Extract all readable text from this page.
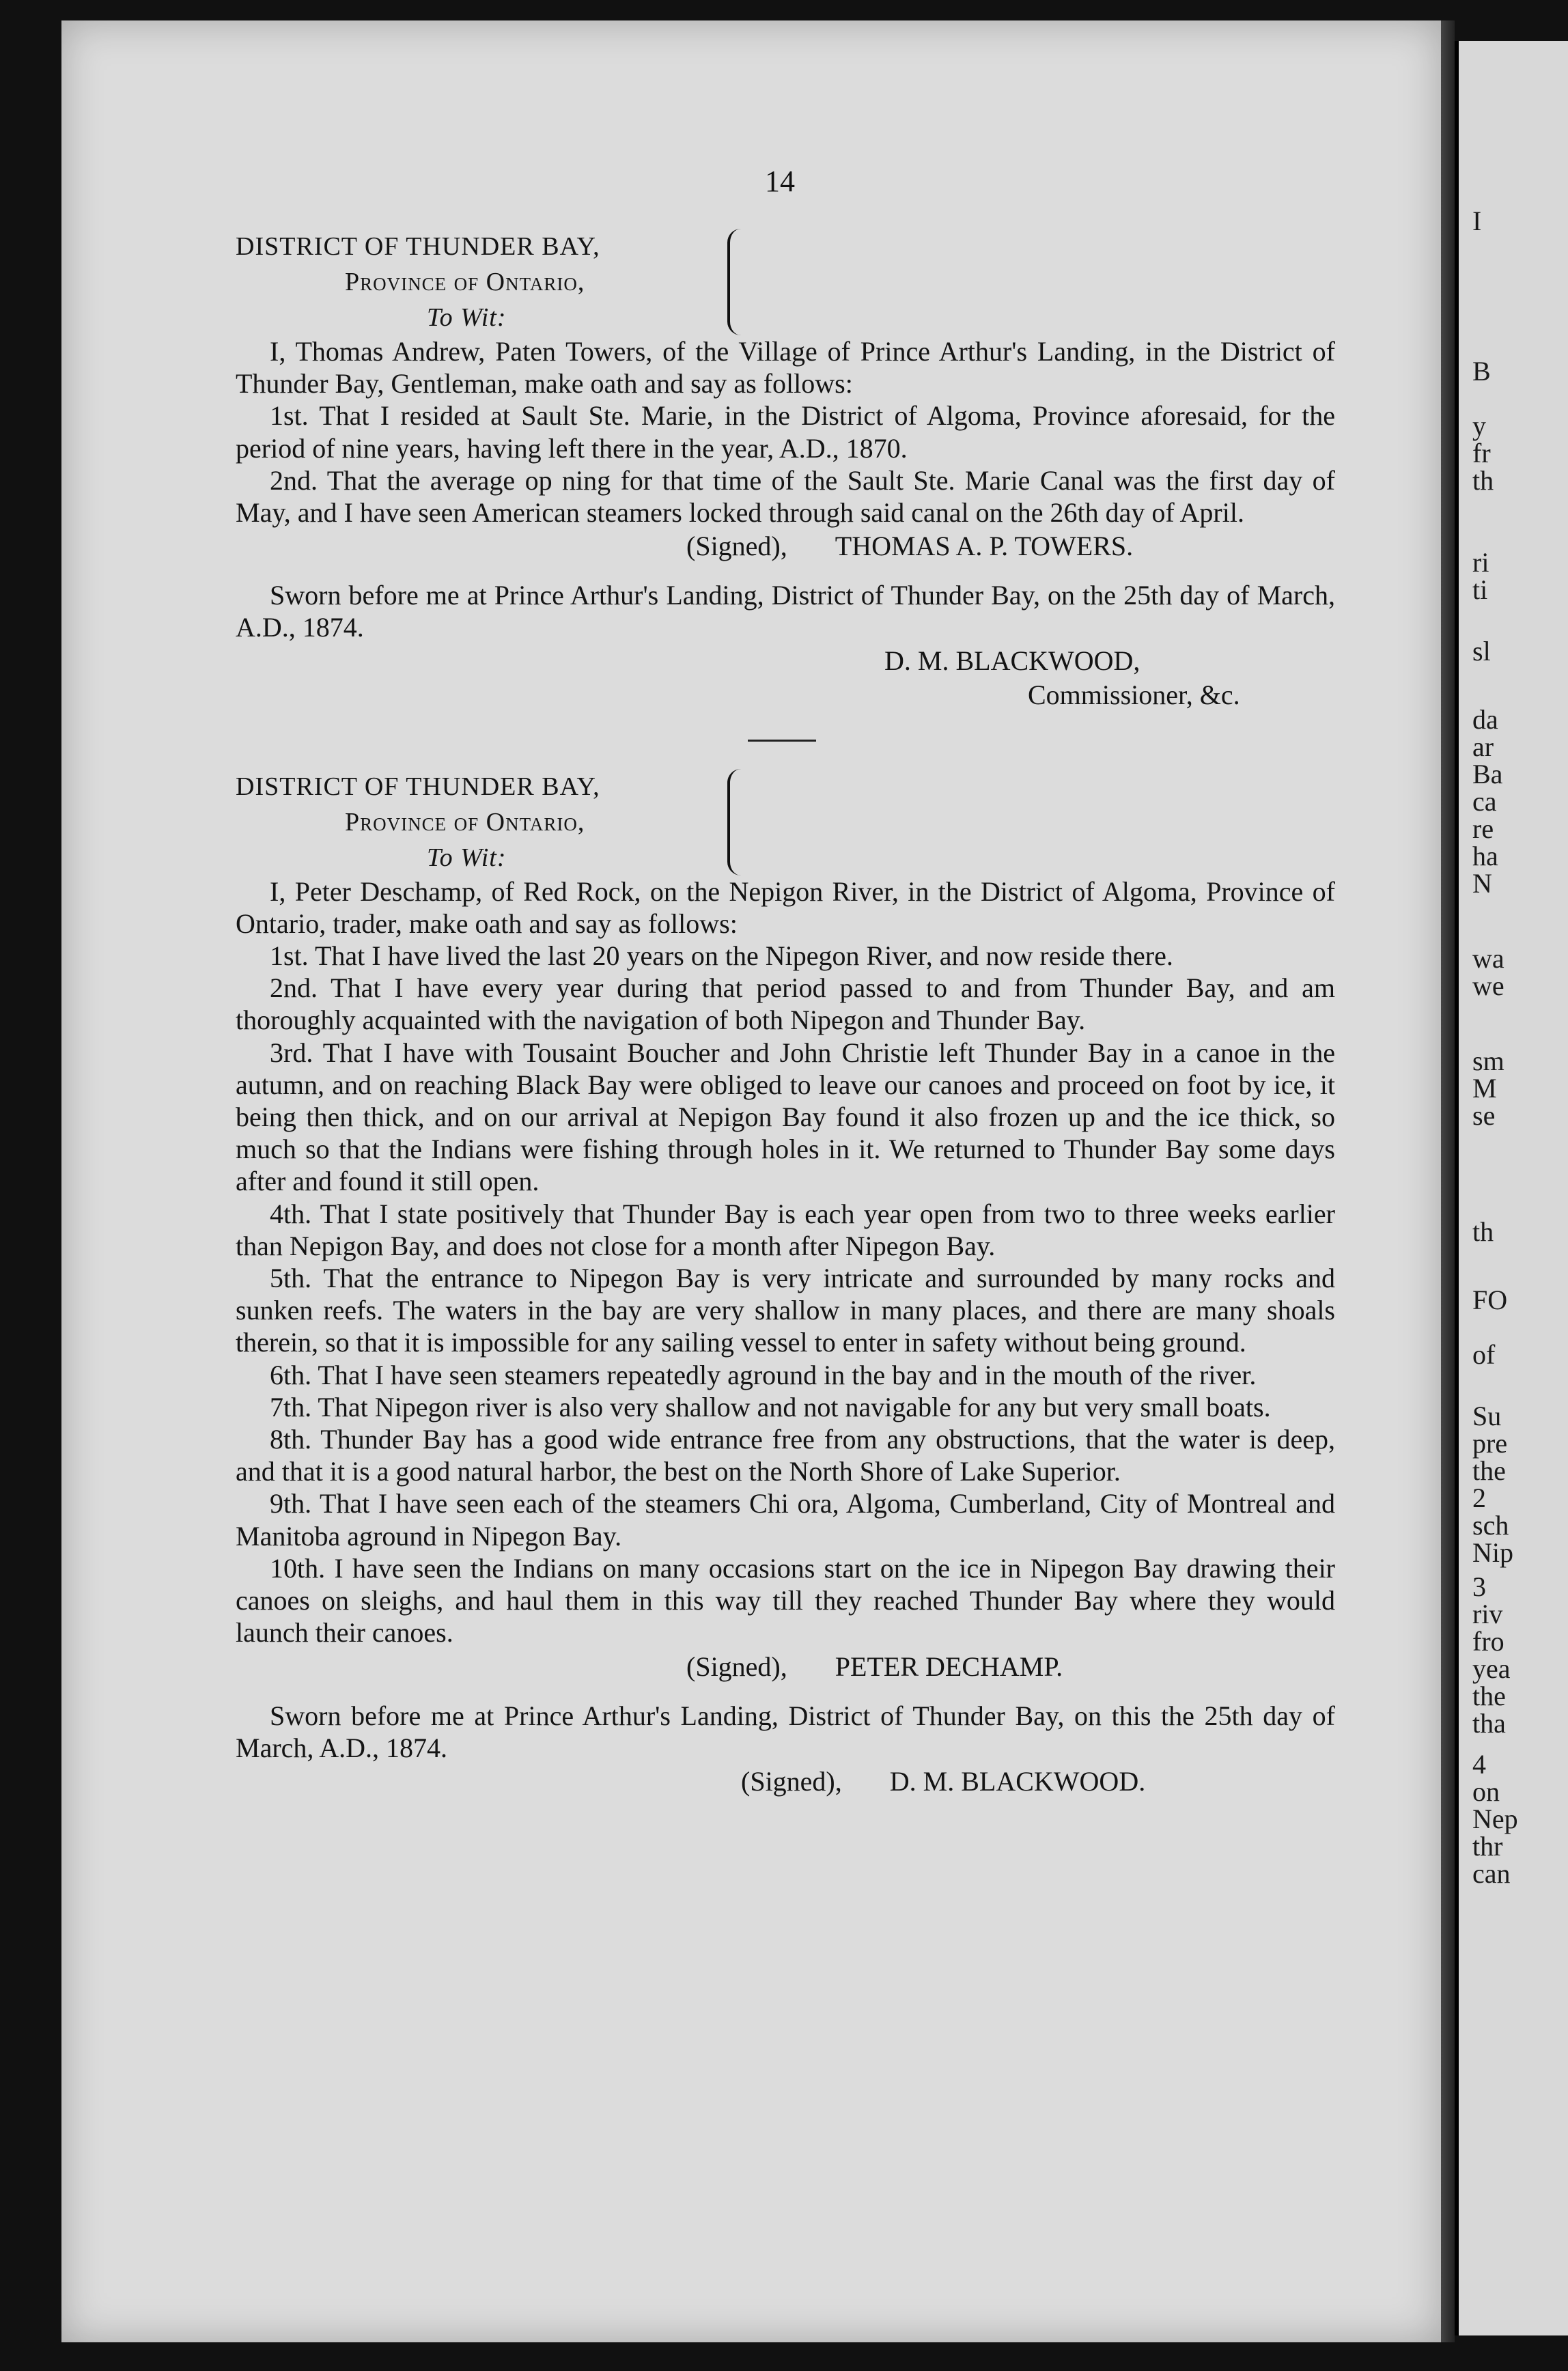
I
B
y
fr
th
ri
ti
sl
da
ar
Ba
ca
re
ha
N
wa
we
sm
M
se
th
FO
of
Su
pre
the
2
sch
Nip
3
riv
fro
yea
the
tha
4
on
Nep
thr
can
14
DISTRICT OF THUNDER BAY,
Province of Ontario,
To Wit:

I, Thomas Andrew, Paten Towers, of the Village of Prince Arthur's Landing, in the District of Thunder Bay, Gentleman, make oath and say as follows:

1st. That I resided at Sault Ste. Marie, in the District of Algoma, Province aforesaid, for the period of nine years, having left there in the year, A.D., 1870.

2nd. That the average op ning for that time of the Sault Ste. Marie Canal was the first day of May, and I have seen American steamers locked through said canal on the 26th day of April.

(Signed), THOMAS A. P. TOWERS.

Sworn before me at Prince Arthur's Landing, District of Thunder Bay, on the 25th day of March, A.D., 1874.

D. M. BLACKWOOD,
Commissioner, &c.
DISTRICT OF THUNDER BAY,
Province of Ontario,
To Wit:

I, Peter Deschamp, of Red Rock, on the Nepigon River, in the District of Algoma, Province of Ontario, trader, make oath and say as follows:

1st. That I have lived the last 20 years on the Nipegon River, and now reside there.

2nd. That I have every year during that period passed to and from Thunder Bay, and am thoroughly acquainted with the navigation of both Nipegon and Thunder Bay.

3rd. That I have with Tousaint Boucher and John Christie left Thunder Bay in a canoe in the autumn, and on reaching Black Bay were obliged to leave our canoes and proceed on foot by ice, it being then thick, and on our arrival at Nepigon Bay found it also frozen up and the ice thick, so much so that the Indians were fishing through holes in it. We returned to Thunder Bay some days after and found it still open.

4th. That I state positively that Thunder Bay is each year open from two to three weeks earlier than Nepigon Bay, and does not close for a month after Nipegon Bay.

5th. That the entrance to Nipegon Bay is very intricate and surrounded by many rocks and sunken reefs. The waters in the bay are very shallow in many places, and there are many shoals therein, so that it is impossible for any sailing vessel to enter in safety without being ground.

6th. That I have seen steamers repeatedly aground in the bay and in the mouth of the river.

7th. That Nipegon river is also very shallow and not navigable for any but very small boats.

8th. Thunder Bay has a good wide entrance free from any obstructions, that the water is deep, and that it is a good natural harbor, the best on the North Shore of Lake Superior.

9th. That I have seen each of the steamers Chi ora, Algoma, Cumberland, City of Montreal and Manitoba aground in Nipegon Bay.

10th. I have seen the Indians on many occasions start on the ice in Nipegon Bay drawing their canoes on sleighs, and haul them in this way till they reached Thunder Bay where they would launch their canoes.

(Signed), PETER DECHAMP.

Sworn before me at Prince Arthur's Landing, District of Thunder Bay, on this the 25th day of March, A.D., 1874.

(Signed), D. M. BLACKWOOD.
